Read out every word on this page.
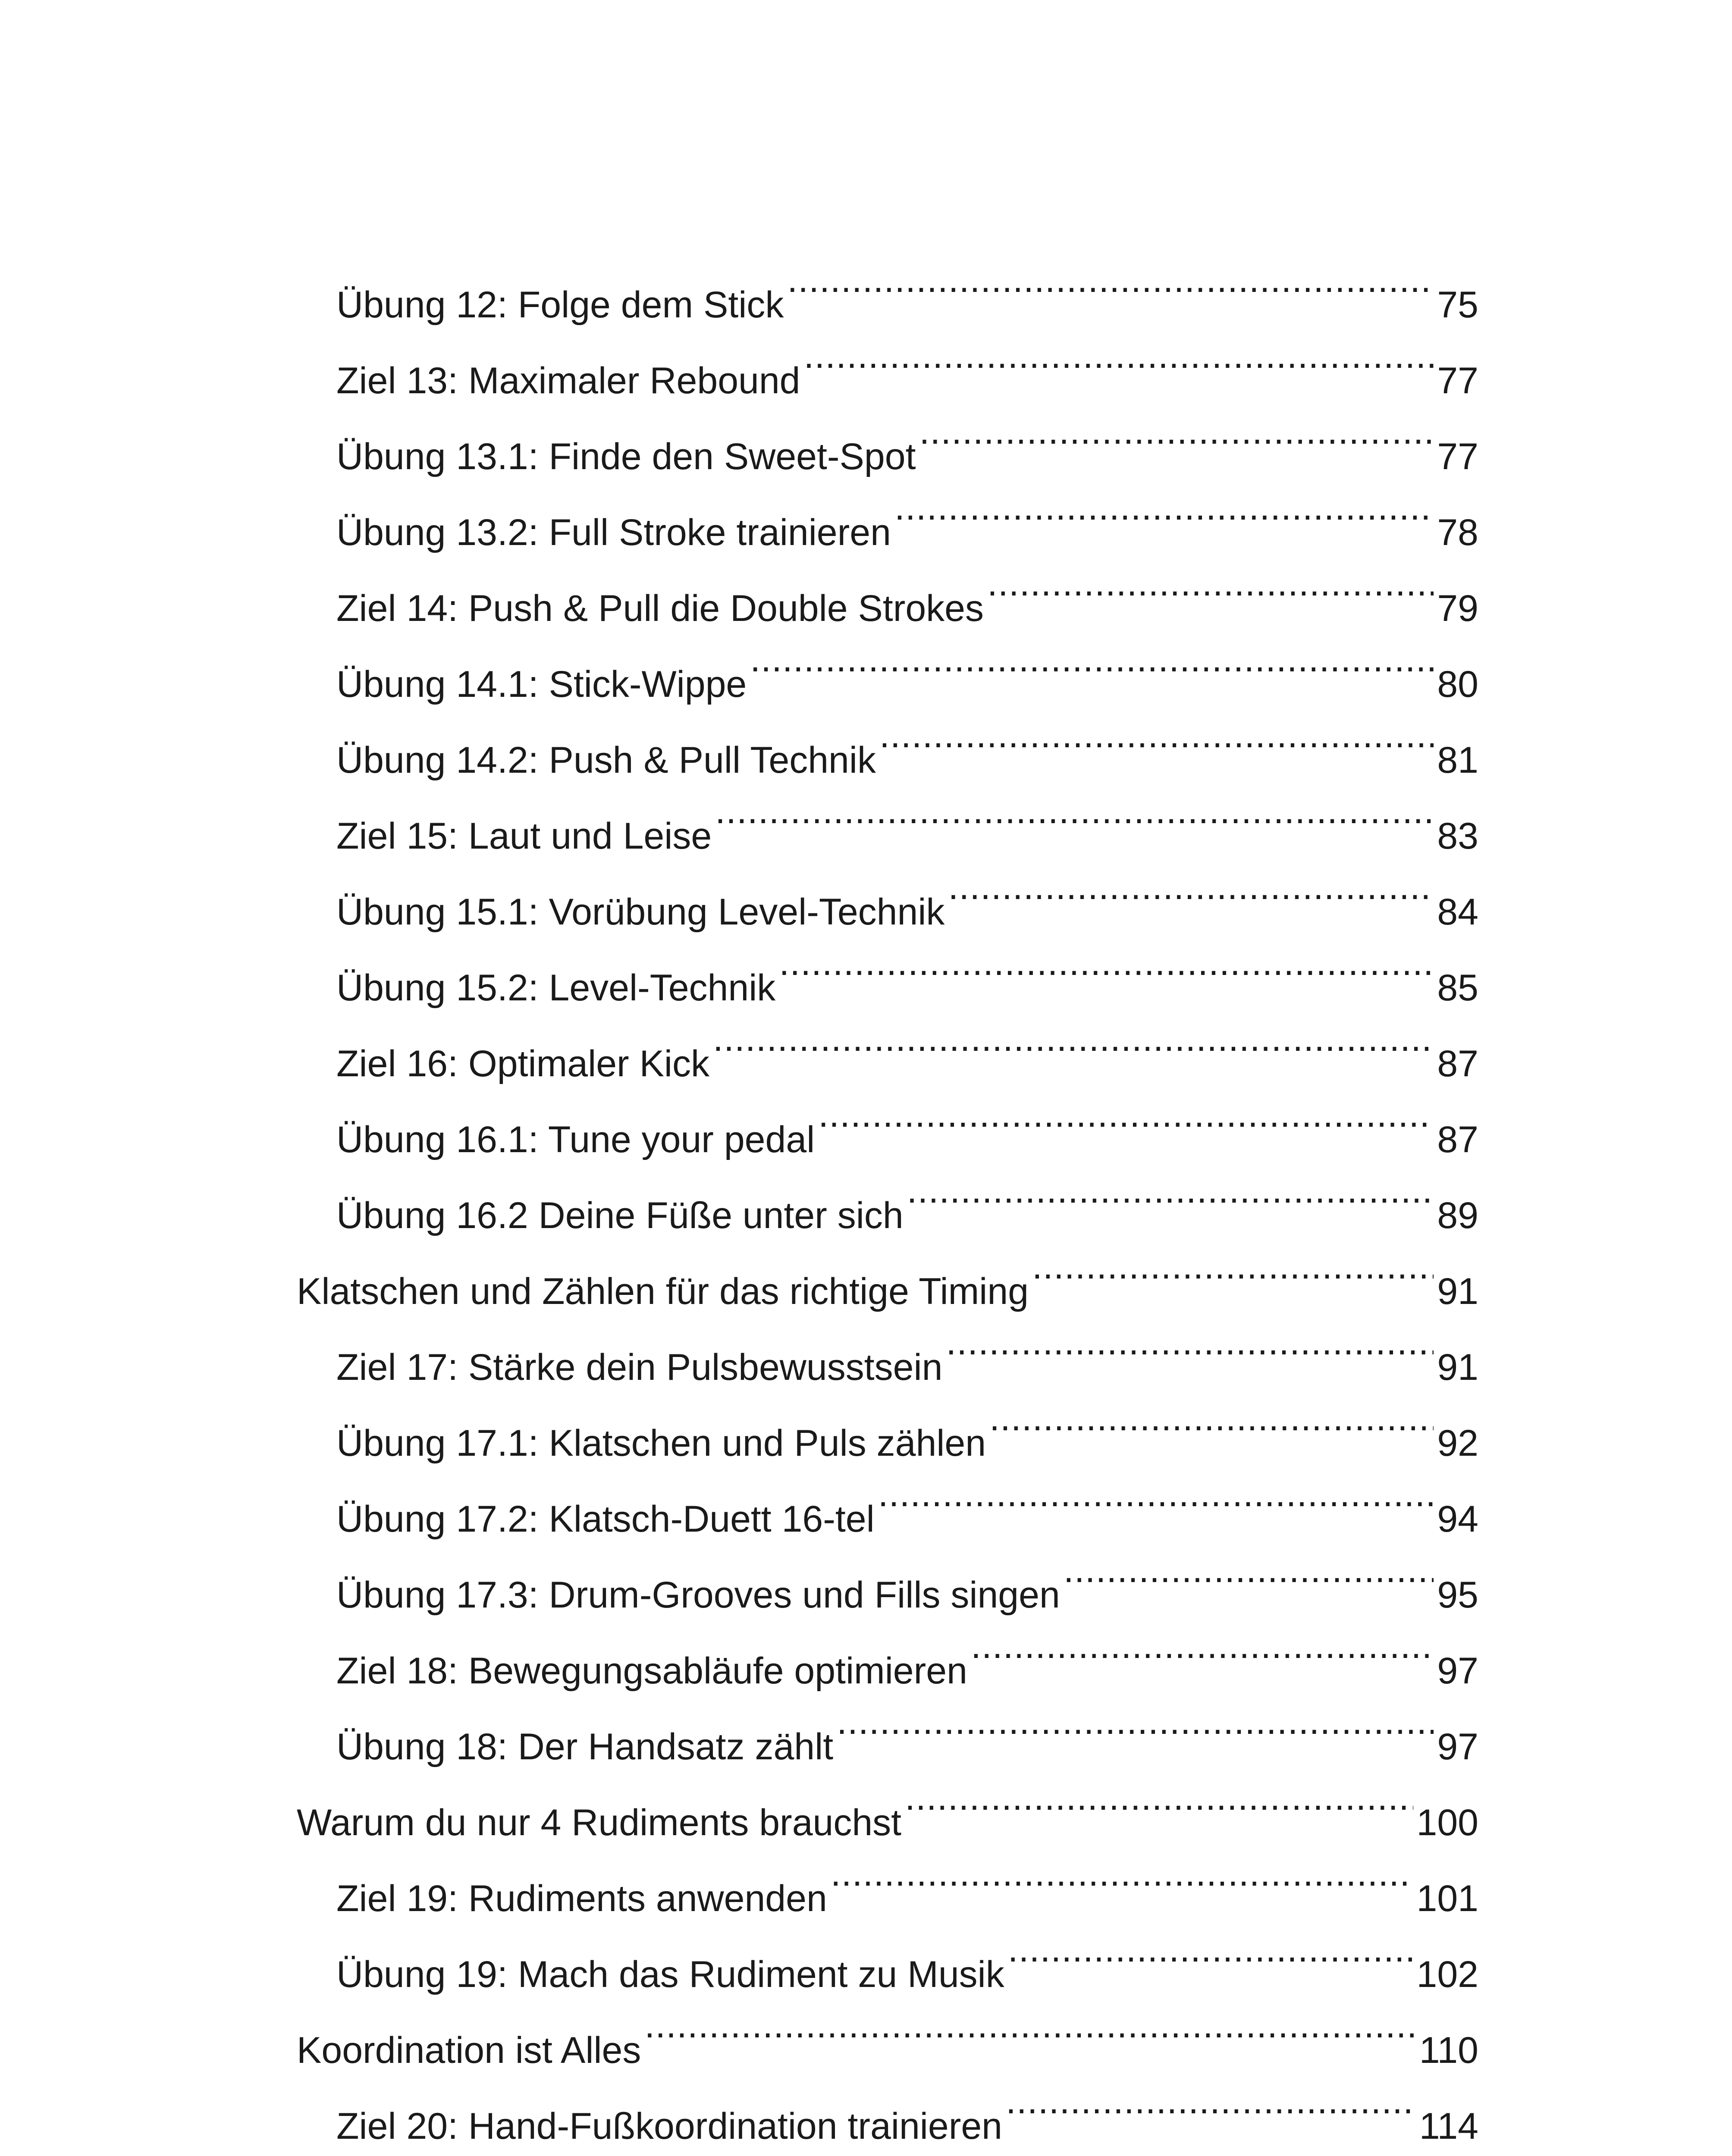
Übung 12: Folge dem Stick .....	75
Ziel 13: Maximaler Rebound .....	77
Übung 13.1: Finde den Sweet-Spot .....	77
Übung 13.2: Full Stroke trainieren .....	78
Ziel 14: Push & Pull die Double Strokes .....	79
Übung 14.1: Stick-Wippe .....	80
Übung 14.2: Push & Pull Technik .....	81
Ziel 15: Laut und Leise .....	83
Übung 15.1: Vorübung Level-Technik .....	84
Übung 15.2: Level-Technik .....	85
Ziel 16: Optimaler Kick .....	87
Übung 16.1: Tune your pedal .....	87
Übung 16.2 Deine Füße unter sich .....	89
Klatschen und Zählen für das richtige Timing .....	91
Ziel 17: Stärke dein Pulsbewusstsein .....	91
Übung 17.1: Klatschen und Puls zählen .....	92
Übung 17.2: Klatsch-Duett 16-tel .....	94
Übung 17.3: Drum-Grooves und Fills singen .....	95
Ziel 18: Bewegungsabläufe optimieren .....	97
Übung 18: Der Handsatz zählt .....	97
Warum du nur 4 Rudiments brauchst .....	100
Ziel 19: Rudiments anwenden .....	101
Übung 19: Mach das Rudiment zu Musik .....	102
Koordination ist Alles .....	110
Ziel 20: Hand-Fußkoordination trainieren .....	114
